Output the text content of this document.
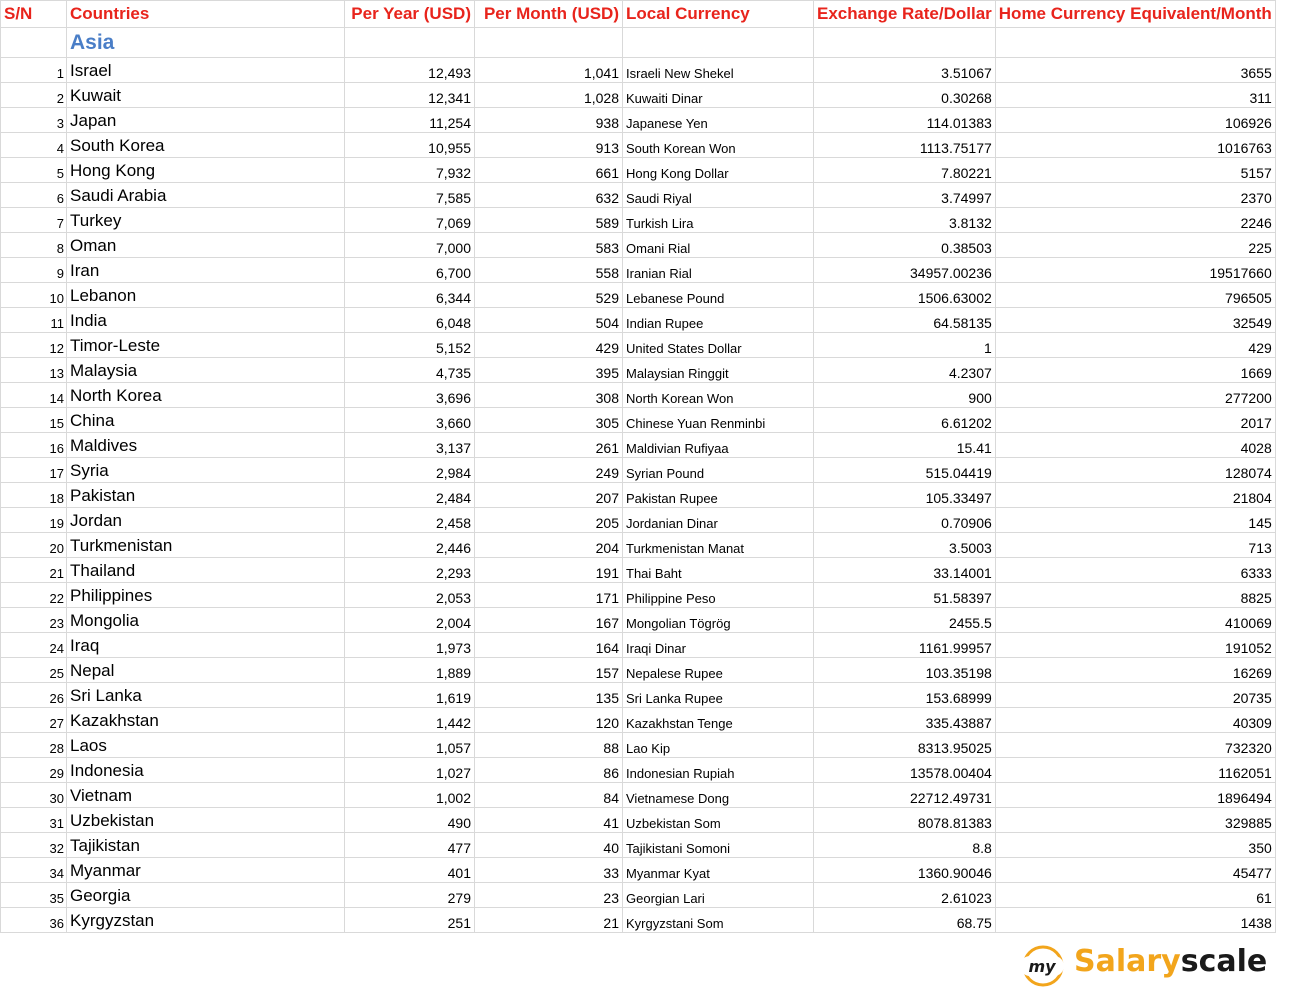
S/N	Countries	Per Year (USD)	Per Month (USD)	Local Currency	Exchange Rate/Dollar	Home Currency Equivalent/Month
	Asia					
1	Israel	12,493	1,041	Israeli New Shekel	3.51067	3655
2	Kuwait	12,341	1,028	Kuwaiti Dinar	0.30268	311
3	Japan	11,254	938	Japanese Yen	114.01383	106926
4	South Korea	10,955	913	South Korean Won	1113.75177	1016763
5	Hong Kong	7,932	661	Hong Kong Dollar	7.80221	5157
6	Saudi Arabia	7,585	632	Saudi Riyal	3.74997	2370
7	Turkey	7,069	589	Turkish Lira	3.8132	2246
8	Oman	7,000	583	Omani Rial	0.38503	225
9	Iran	6,700	558	Iranian Rial	34957.00236	19517660
10	Lebanon	6,344	529	Lebanese Pound	1506.63002	796505
11	India	6,048	504	Indian Rupee	64.58135	32549
12	Timor-Leste	5,152	429	United States Dollar	1	429
13	Malaysia	4,735	395	Malaysian Ringgit	4.2307	1669
14	North Korea	3,696	308	North Korean Won	900	277200
15	China	3,660	305	Chinese Yuan Renminbi	6.61202	2017
16	Maldives	3,137	261	Maldivian Rufiyaa	15.41	4028
17	Syria	2,984	249	Syrian Pound	515.04419	128074
18	Pakistan	2,484	207	Pakistan Rupee	105.33497	21804
19	Jordan	2,458	205	Jordanian Dinar	0.70906	145
20	Turkmenistan	2,446	204	Turkmenistan Manat	3.5003	713
21	Thailand	2,293	191	Thai Baht	33.14001	6333
22	Philippines	2,053	171	Philippine Peso	51.58397	8825
23	Mongolia	2,004	167	Mongolian Tögrög	2455.5	410069
24	Iraq	1,973	164	Iraqi Dinar	1161.99957	191052
25	Nepal	1,889	157	Nepalese Rupee	103.35198	16269
26	Sri Lanka	1,619	135	Sri Lanka Rupee	153.68999	20735
27	Kazakhstan	1,442	120	Kazakhstan Tenge	335.43887	40309
28	Laos	1,057	88	Lao Kip	8313.95025	732320
29	Indonesia	1,027	86	Indonesian Rupiah	13578.00404	1162051
30	Vietnam	1,002	84	Vietnamese Dong	22712.49731	1896494
31	Uzbekistan	490	41	Uzbekistan Som	8078.81383	329885
32	Tajikistan	477	40	Tajikistani Somoni	8.8	350
34	Myanmar	401	33	Myanmar Kyat	1360.90046	45477
35	Georgia	279	23	Georgian Lari	2.61023	61
36	Kyrgyzstan	251	21	Kyrgyzstani Som	68.75	1438
my Salaryscale
